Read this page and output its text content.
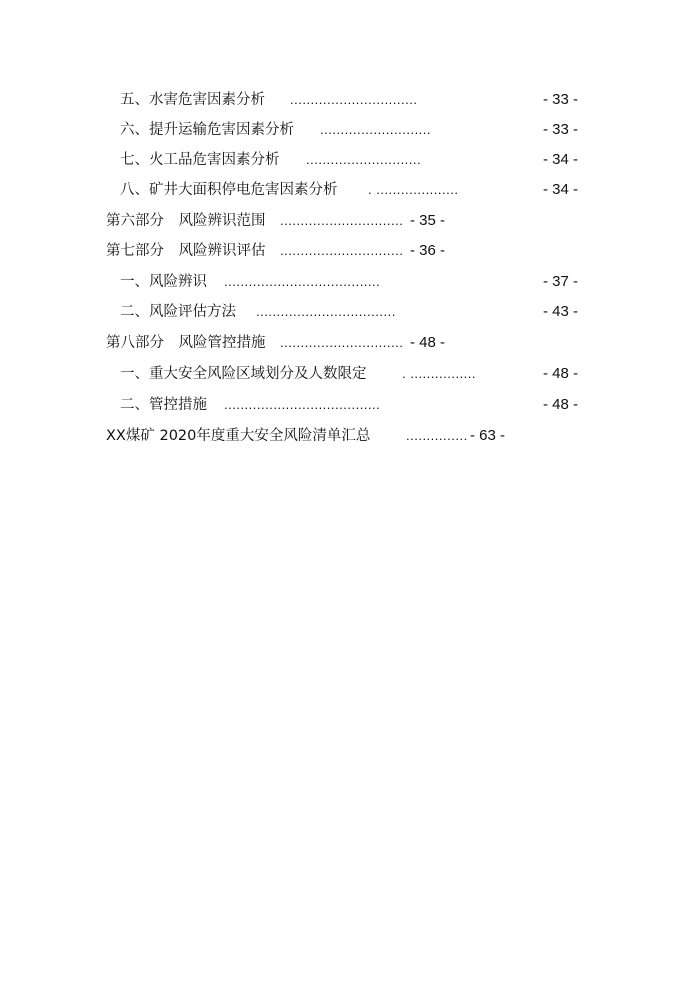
五、水害危害因素分析 ...............................	- 33 -
六、提升运输危害因素分析 ...........................	- 33 -
七、火工品危害因素分析 ............................	- 34 -
八、矿井大面积停电危害因素分析 . ....................	- 34 -
第六部分　风险辨识范围 .............................. - 35 -
第七部分　风险辨识评估 .............................. - 36 -
一、风险辨识 ......................................	- 37 -
二、风险评估方法 ..................................	- 43 -
第八部分　风险管控措施 .............................. - 48 -
一、重大安全风险区域划分及人数限定	. ................	- 48 -
二、管控措施 ......................................	- 48 -
XX煤矿 2020年度重大安全风险清单汇总	............... - 63 -
